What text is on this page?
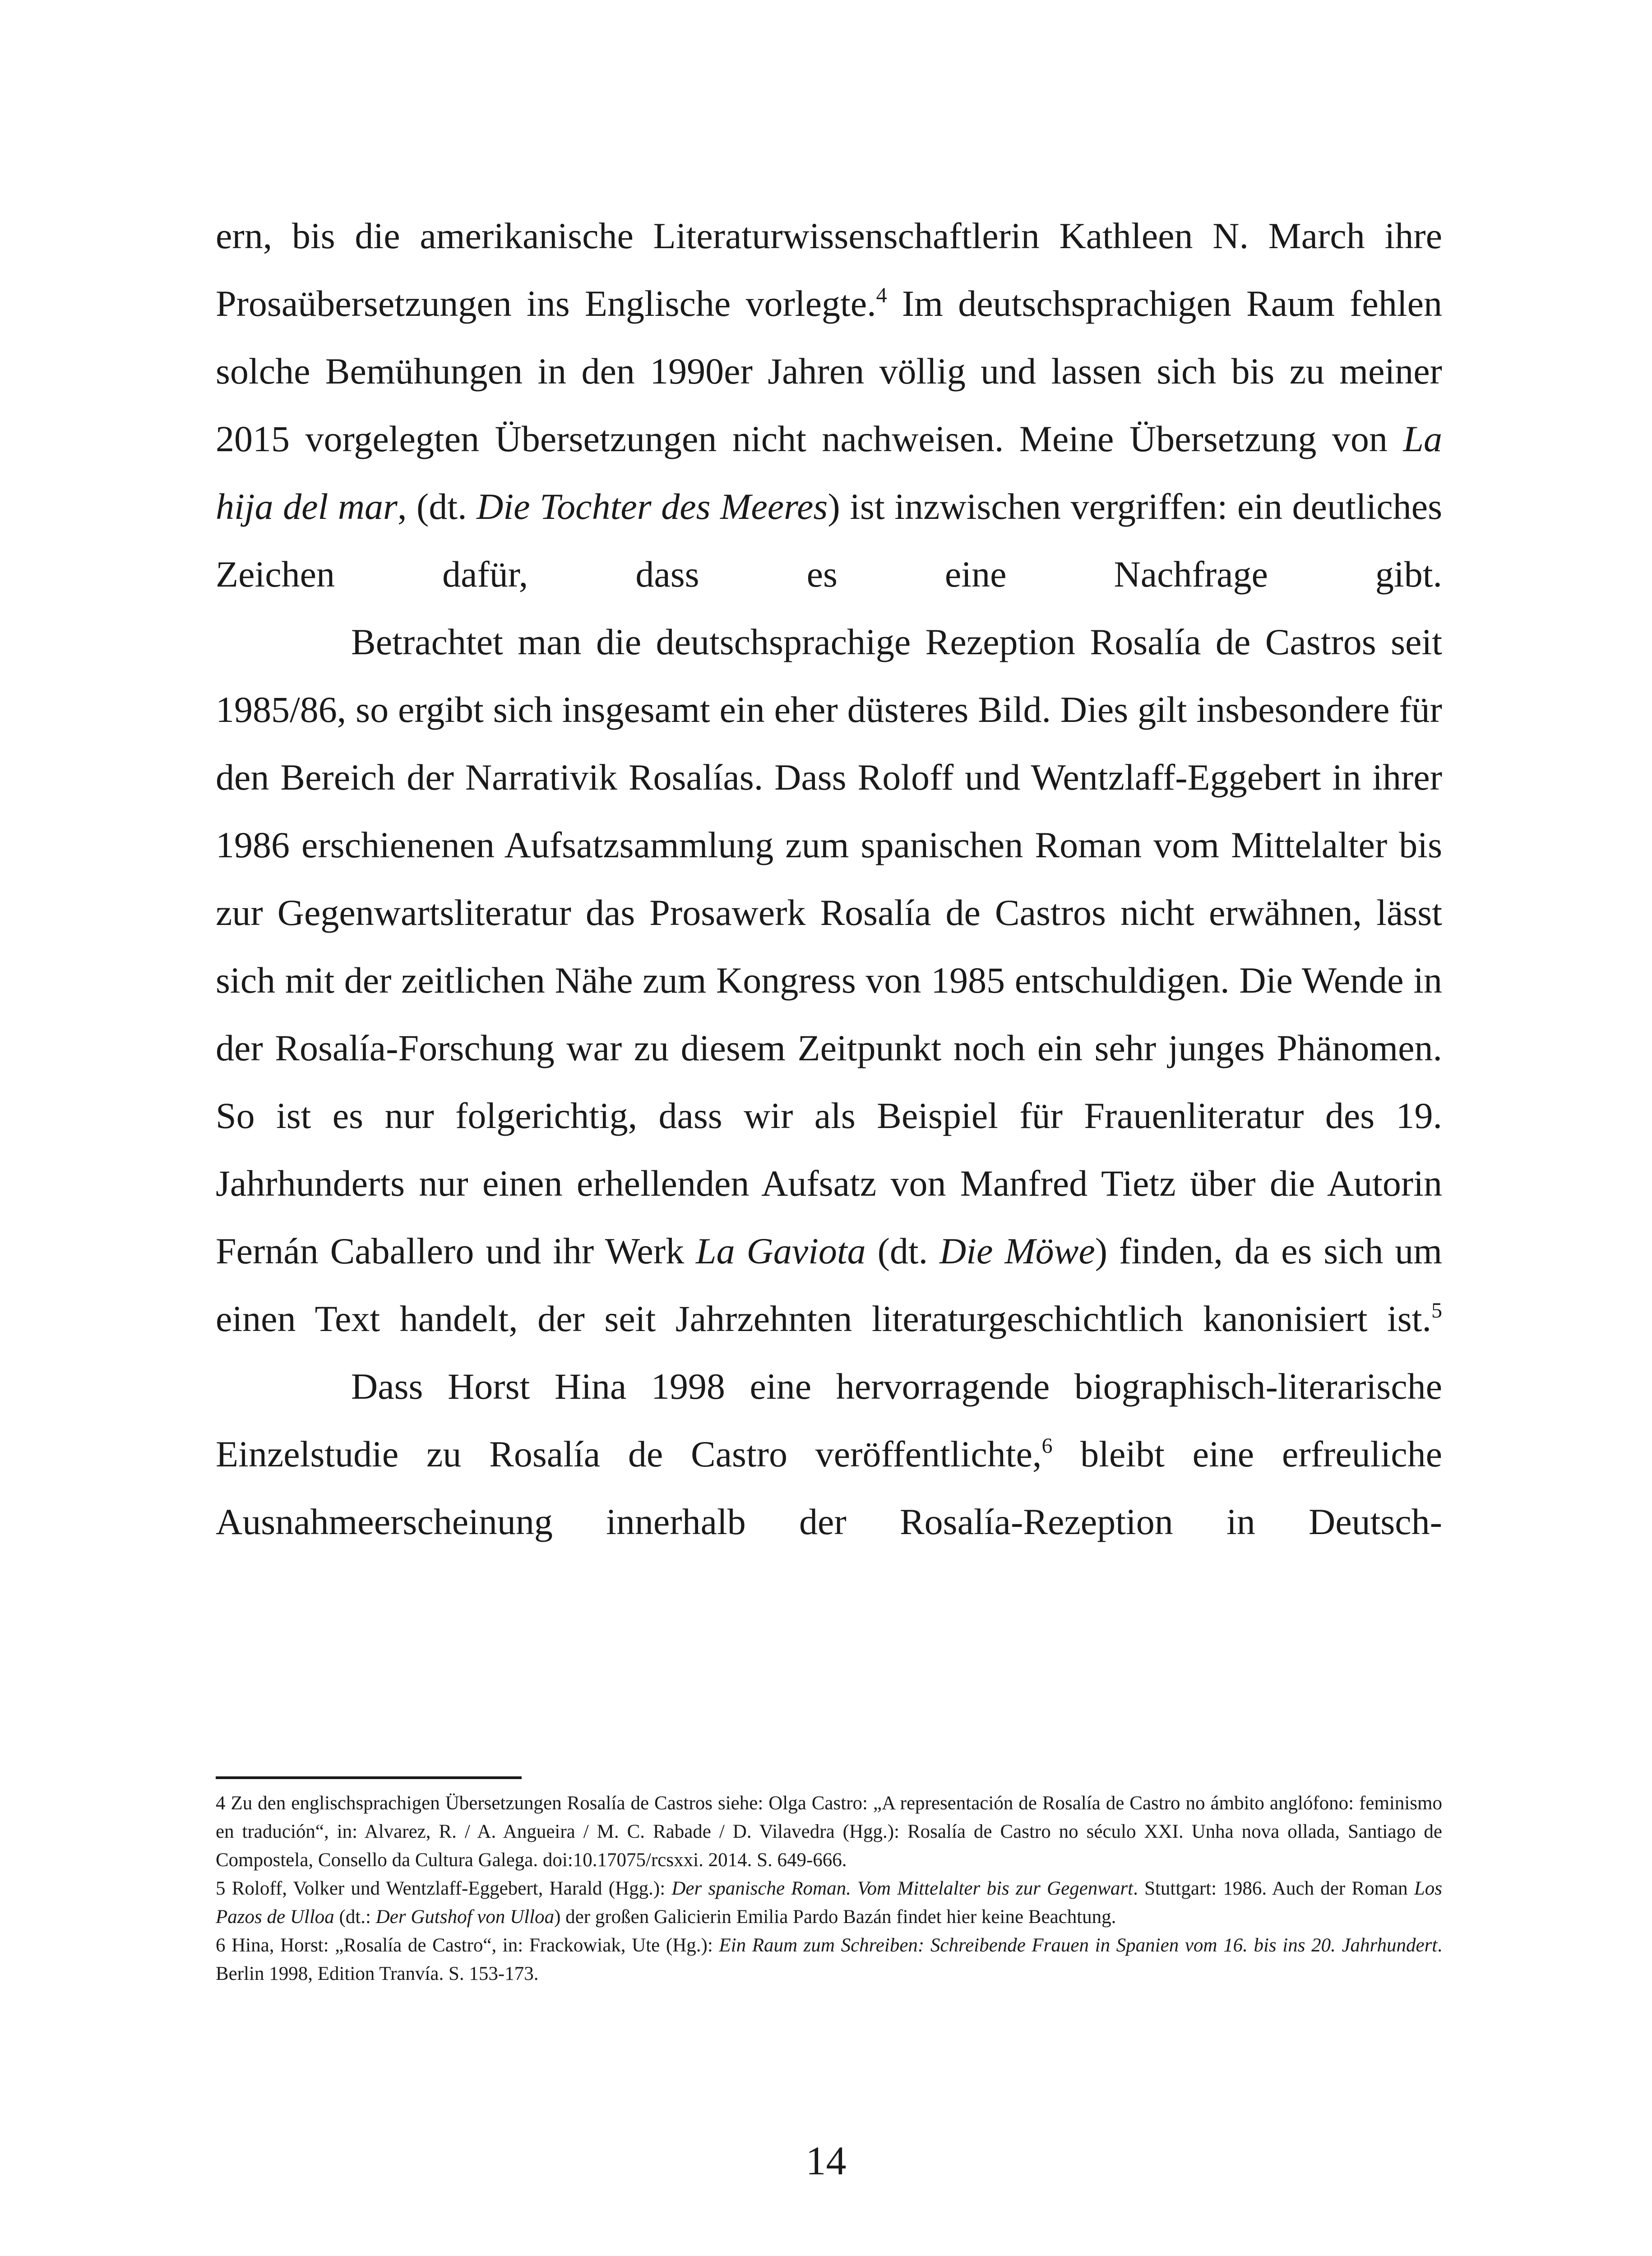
ern, bis die amerikanische Literaturwissenschaftlerin Kathleen N. March ihre Prosaübersetzungen ins Englische vorlegte.$^4$ Im deutschsprachigen Raum fehlen solche Bemühungen in den 1990er Jahren völlig und lassen sich bis zu meiner 2015 vorgelegten Übersetzungen nicht nachweisen. Meine Übersetzung von La hija del mar, (dt. Die Tochter des Meeres) ist inzwischen vergriffen: ein deutliches Zeichen dafür, dass es eine Nachfrage gibt.

Betrachtet man die deutschsprachige Rezeption Rosalía de Castros seit 1985/86, so ergibt sich insgesamt ein eher düsteres Bild. Dies gilt insbesondere für den Bereich der Narrativik Rosalías. Dass Roloff und Wentzlaff-Eggebert in ihrer 1986 erschienenen Aufsatzsammlung zum spanischen Roman vom Mittelalter bis zur Gegenwartsliteratur das Prosawerk Rosalía de Castros nicht erwähnen, lässt sich mit der zeitlichen Nähe zum Kongress von 1985 entschuldigen. Die Wende in der Rosalía-Forschung war zu diesem Zeitpunkt noch ein sehr junges Phänomen. So ist es nur folgerichtig, dass wir als Beispiel für Frauenliteratur des 19. Jahrhunderts nur einen erhellenden Aufsatz von Manfred Tietz über die Autorin Fernán Caballero und ihr Werk La Gaviota (dt. Die Möwe) finden, da es sich um einen Text handelt, der seit Jahrzehnten literaturgeschichtlich kanonisiert ist.$^5$

Dass Horst Hina 1998 eine hervorragende biographisch-literarische Einzelstudie zu Rosalía de Castro veröffentlichte,$^6$ bleibt eine erfreuliche Ausnahmeerscheinung innerhalb der Rosalía-Rezeption in Deutsch-

4 Zu den englischsprachigen Übersetzungen Rosalía de Castros siehe: Olga Castro: „A representación de Rosalía de Castro no ámbito anglófono: feminismo en tradución“, in: Alvarez, R. / A. Angueira / M. C. Rabade / D. Vilavedra (Hgg.): Rosalía de Castro no século XXI. Unha nova ollada, Santiago de Compostela, Consello da Cultura Galega. doi:10.17075/rcsxxi. 2014. S. 649-666.

5 Roloff, Volker und Wentzlaff-Eggebert, Harald (Hgg.): Der spanische Roman. Vom Mittelalter bis zur Gegenwart. Stuttgart: 1986. Auch der Roman Los Pazos de Ulloa (dt.: Der Gutshof von Ulloa) der großen Galicierin Emilia Pardo Bazán findet hier keine Beachtung.

6 Hina, Horst: „Rosalía de Castro“, in: Frackowiak, Ute (Hg.): Ein Raum zum Schreiben: Schreibende Frauen in Spanien vom 16. bis ins 20. Jahrhundert. Berlin 1998, Edition Tranvía. S. 153-173.

14
